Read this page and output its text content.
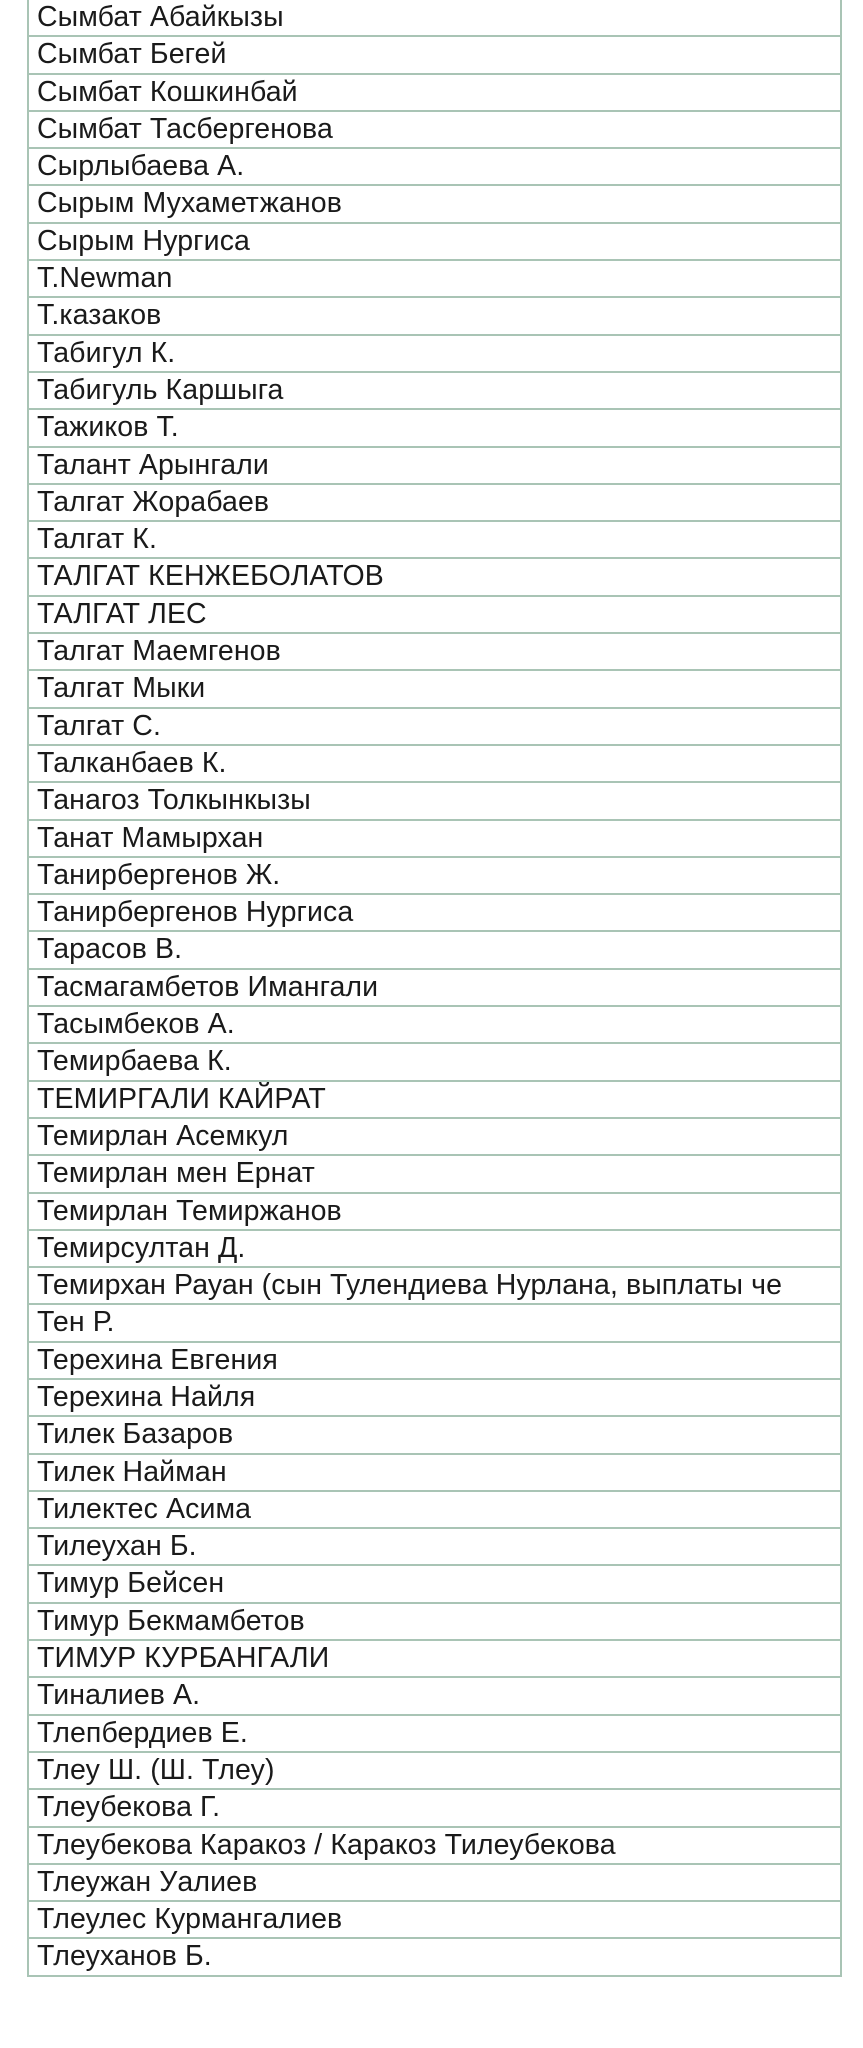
Сымбат Абайкызы
Сымбат Бегей
Сымбат Кошкинбай
Сымбат Тасбергенова
Сырлыбаева А.
Сырым Мухаметжанов
Сырым Нургиса
T.Newman
Т.казаков
Табигул К.
Табигуль Каршыга
Тажиков Т.
Талант Арынгали
Талгат Жорабаев
Талгат К.
ТАЛГАТ КЕНЖЕБОЛАТОВ
ТАЛГАТ ЛЕС
Талгат Маемгенов
Талгат Мыки
Талгат С.
Талканбаев К.
Танагоз Толкынкызы
Танат Мамырхан
Танирбергенов Ж.
Танирбергенов Нургиса
Тарасов В.
Тасмагамбетов Имангали
Тасымбеков А.
Темирбаева К.
ТЕМИРГАЛИ КАЙРАТ
Темирлан Асемкул
Темирлан мен Ернат
Темирлан Темиржанов
Темирсултан Д.
Темирхан Рауан (сын Тулендиева Нурлана, выплаты че
Тен Р.
Терехина Евгения
Терехина Найля
Тилек Базаров
Тилек Найман
Тилектес Асима
Тилеухан Б.
Тимур Бейсен
Тимур Бекмамбетов
ТИМУР КУРБАНГАЛИ
Тиналиев А.
Тлепбердиев Е.
Тлеу Ш. (Ш. Тлеу)
Тлеубекова Г.
Тлеубекова Каракоз / Каракоз Тилеубекова
Тлеужан Уалиев
Тлеулес Курмангалиев
Тлеуханов Б.
